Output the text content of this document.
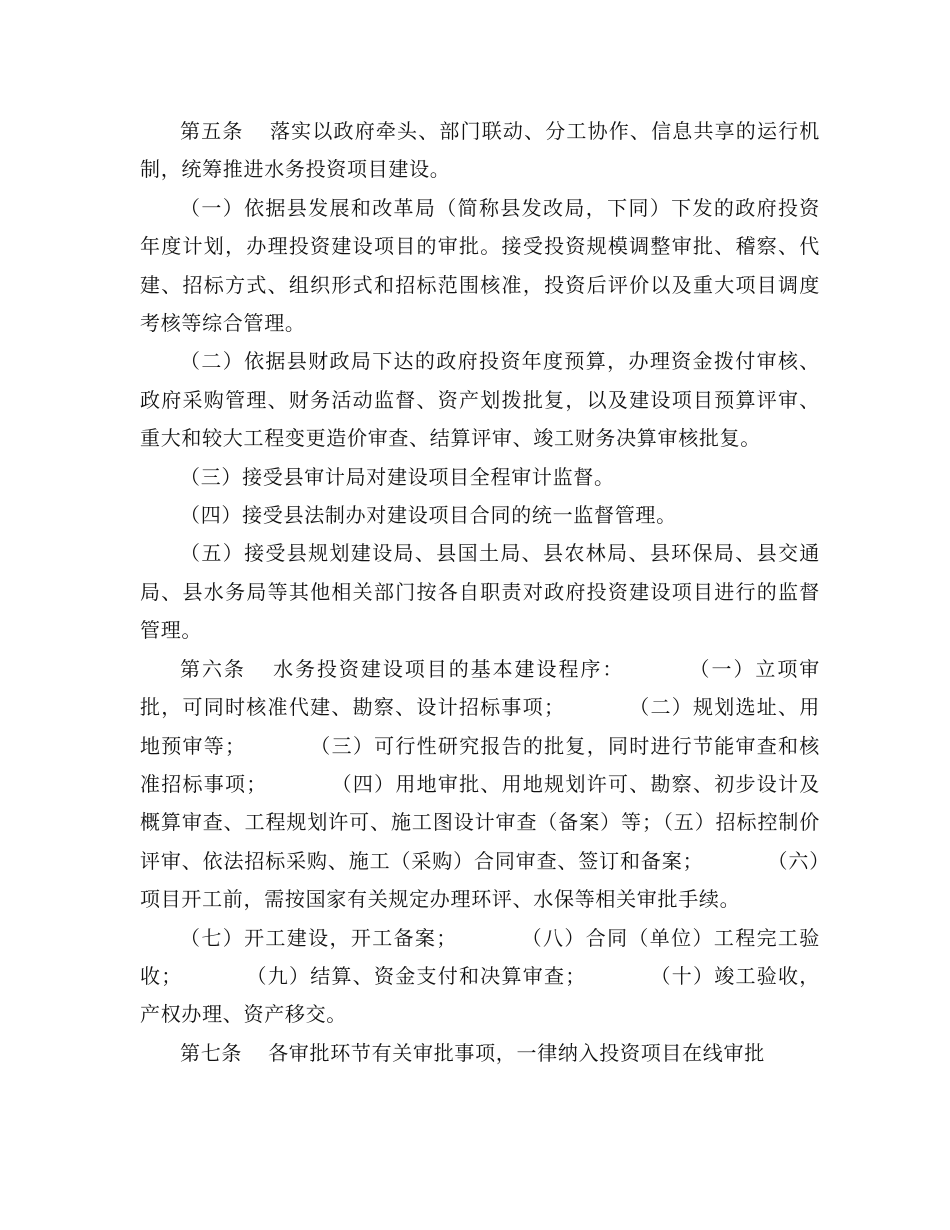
第五条 落实以政府牵头、部门联动、分工协作、信息共享的运行机制，统筹推进水务投资项目建设。

（一）依据县发展和改革局（简称县发改局，下同）下发的政府投资年度计划，办理投资建设项目的审批。接受投资规模调整审批、稽察、代建、招标方式、组织形式和招标范围核准，投资后评价以及重大项目调度考核等综合管理。

（二）依据县财政局下达的政府投资年度预算，办理资金拨付审核、政府采购管理、财务活动监督、资产划拨批复，以及建设项目预算评审、重大和较大工程变更造价审查、结算评审、竣工财务决算审核批复。

（三）接受县审计局对建设项目全程审计监督。

（四）接受县法制办对建设项目合同的统一监督管理。

（五）接受县规划建设局、县国土局、县农林局、县环保局、县交通局、县水务局等其他相关部门按各自职责对政府投资建设项目进行的监督管理。

第六条 水务投资建设项目的基本建设程序：	（一）立项审批，可同时核准代建、勘察、设计招标事项；	（二）规划选址、用地预审等；	（三）可行性研究报告的批复，同时进行节能审查和核准招标事项；	（四）用地审批、用地规划许可、勘察、初步设计及概算审查、工程规划许可、施工图设计审查（备案）等；（五）招标控制价评审、依法招标采购、施工（采购）合同审查、签订和备案；	（六）项目开工前，需按国家有关规定办理环评、水保等相关审批手续。

（七）开工建设，开工备案；	（八）合同（单位）工程完工验收；	（九）结算、资金支付和决算审查；	（十）竣工验收，产权办理、资产移交。

第七条 各审批环节有关审批事项，一律纳入投资项目在线审批
